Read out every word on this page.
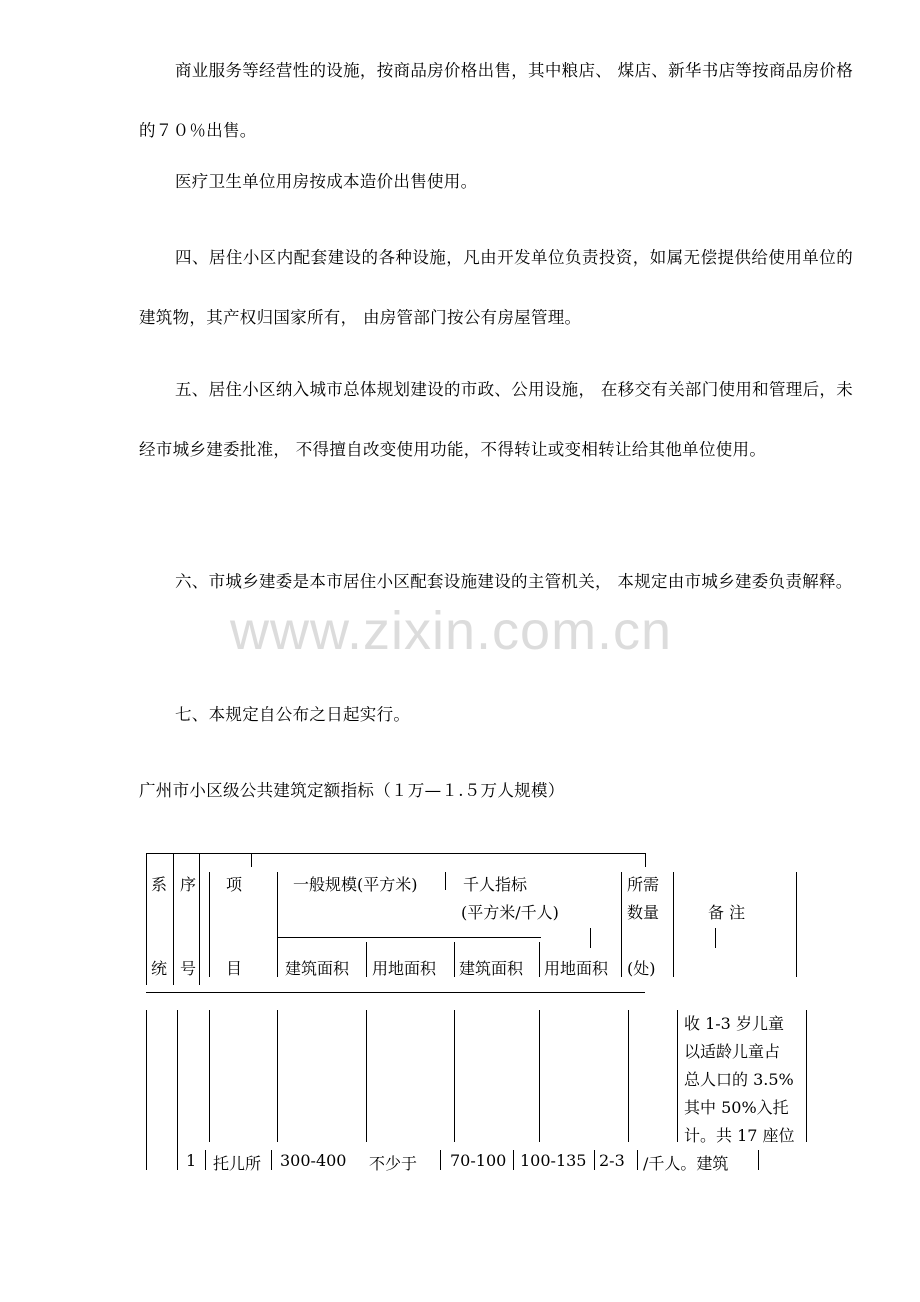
商业服务等经营性的设施，按商品房价格出售，其中粮店、 煤店、新华书店等按商品房价格的７０％出售。

医疗卫生单位用房按成本造价出售使用。

四、居住小区内配套建设的各种设施，凡由开发单位负责投资，如属无偿提供给使用单位的建筑物，其产权归国家所有， 由房管部门按公有房屋管理。

五、居住小区纳入城市总体规划建设的市政、公用设施， 在移交有关部门使用和管理后，未经市城乡建委批准， 不得擅自改变使用功能，不得转让或变相转让给其他单位使用。

六、市城乡建委是本市居住小区配套设施建设的主管机关， 本规定由市城乡建委负责解释。

七、本规定自公布之日起实行。

www.zixin.com.cn

广州市小区级公共建筑定额指标（１万—１.５万人规模）

系
统
序
号
项
目
一般规模(平方米)	千人指标
(平方米/千人)
所需
数量
(处)
备 注
建筑面积 用地面积 建筑面积 用地面积
1 托儿所 300-400 不少于 70-100 100-135 2-3
收 1-3 岁儿童
以适龄儿童占
总人口的 3.5%
其中 50%入托
计。共 17 座位
/千人。建筑
